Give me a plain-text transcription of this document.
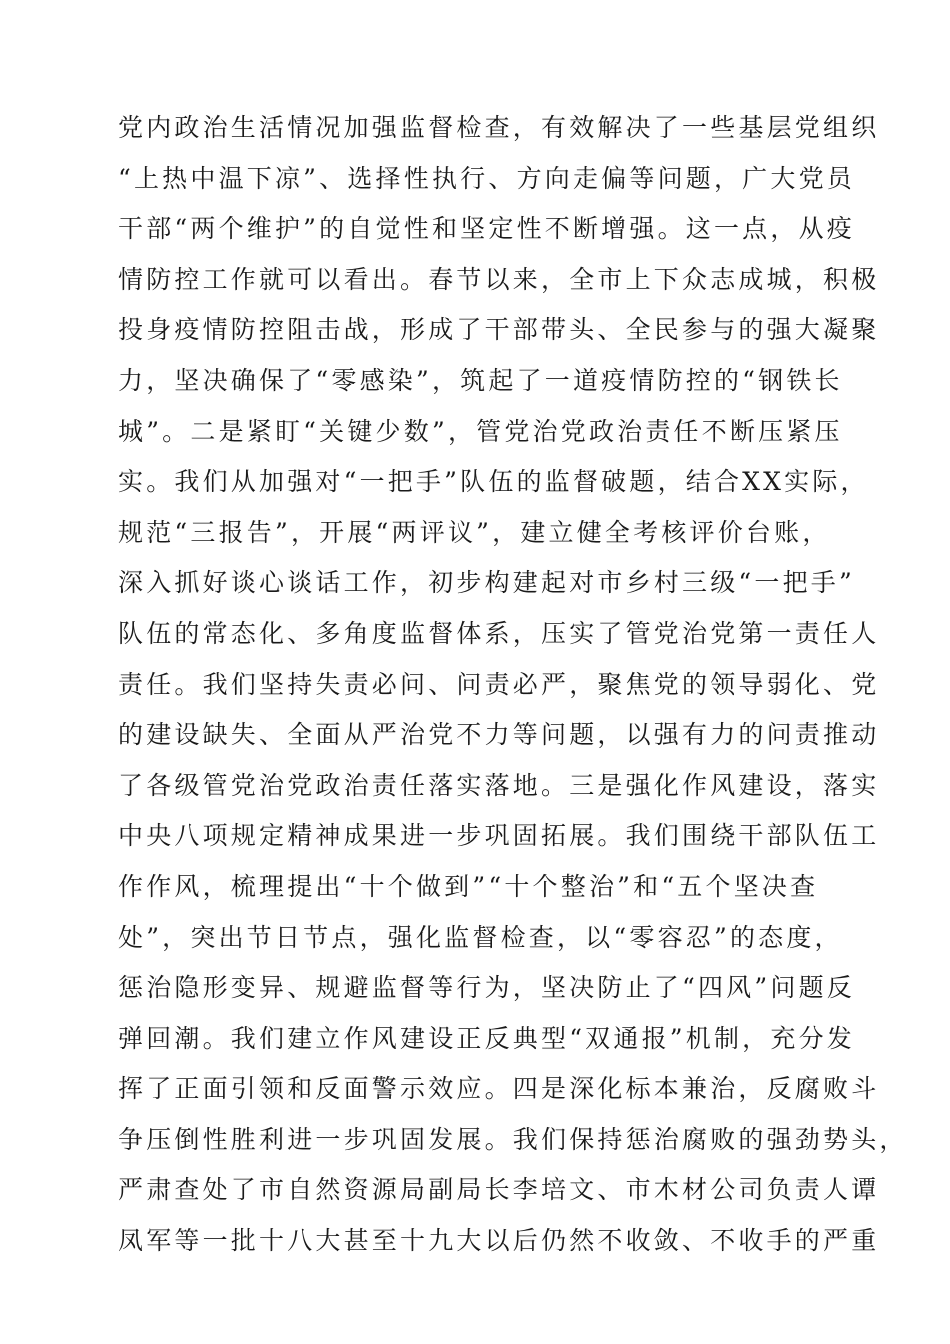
党内政治生活情况加强监督检查，有效解决了一些基层党组织
“上热中温下凉”、选择性执行、方向走偏等问题，广大党员
干部“两个维护”的自觉性和坚定性不断增强。这一点，从疫
情防控工作就可以看出。春节以来，全市上下众志成城，积极
投身疫情防控阻击战，形成了干部带头、全民参与的强大凝聚
力，坚决确保了“零感染”，筑起了一道疫情防控的“钢铁长
城”。二是紧盯“关键少数”，管党治党政治责任不断压紧压
实。我们从加强对“一把手”队伍的监督破题，结合XX实际，
规范“三报告”，开展“两评议”，建立健全考核评价台账，
深入抓好谈心谈话工作，初步构建起对市乡村三级“一把手”
队伍的常态化、多角度监督体系，压实了管党治党第一责任人
责任。我们坚持失责必问、问责必严，聚焦党的领导弱化、党
的建设缺失、全面从严治党不力等问题，以强有力的问责推动
了各级管党治党政治责任落实落地。三是强化作风建设，落实
中央八项规定精神成果进一步巩固拓展。我们围绕干部队伍工
作作风，梳理提出“十个做到”“十个整治”和“五个坚决查
处”，突出节日节点，强化监督检查，以“零容忍”的态度，
惩治隐形变异、规避监督等行为，坚决防止了“四风”问题反
弹回潮。我们建立作风建设正反典型“双通报”机制，充分发
挥了正面引领和反面警示效应。四是深化标本兼治，反腐败斗
争压倒性胜利进一步巩固发展。我们保持惩治腐败的强劲势头，
严肃查处了市自然资源局副局长李培文、市木材公司负责人谭
凤军等一批十八大甚至十九大以后仍然不收敛、不收手的严重
